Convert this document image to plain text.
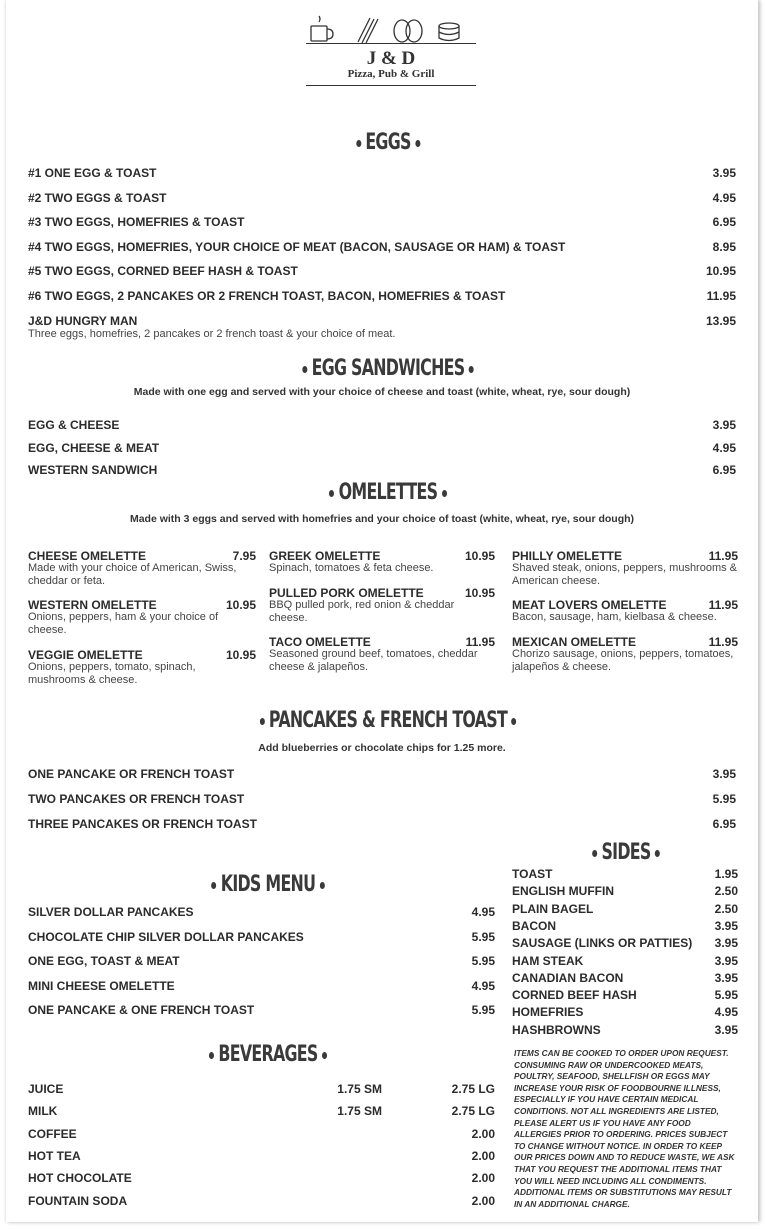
J & D
Pizza, Pub & Grill
EGGS
#1 ONE EGG & TOAST	3.95
#2 TWO EGGS & TOAST	4.95
#3 TWO EGGS, HOMEFRIES & TOAST	6.95
#4 TWO EGGS, HOMEFRIES, YOUR CHOICE OF MEAT (BACON, SAUSAGE OR HAM) & TOAST	8.95
#5 TWO EGGS, CORNED BEEF HASH & TOAST	10.95
#6 TWO EGGS, 2 PANCAKES OR 2 FRENCH TOAST, BACON, HOMEFRIES & TOAST	11.95
J&D HUNGRY MAN	13.95
Three eggs, homefries, 2 pancakes or 2 french toast & your choice of meat.
EGG SANDWICHES
Made with one egg and served with your choice of cheese and toast (white, wheat, rye, sour dough)
EGG & CHEESE	3.95
EGG, CHEESE & MEAT	4.95
WESTERN SANDWICH	6.95
OMELETTES
Made with 3 eggs and served with homefries and your choice of toast (white, wheat, rye, sour dough)
CHEESE OMELETTE	7.95
Made with your choice of American, Swiss, cheddar or feta.
WESTERN OMELETTE	10.95
Onions, peppers, ham & your choice of cheese.
VEGGIE OMELETTE	10.95
Onions, peppers, tomato, spinach, mushrooms & cheese.
GREEK OMELETTE	10.95
Spinach, tomatoes & feta cheese.
PULLED PORK OMELETTE	10.95
BBQ pulled pork, red onion & cheddar cheese.
TACO OMELETTE	11.95
Seasoned ground beef, tomatoes, cheddar cheese & jalapeños.
PHILLY OMELETTE	11.95
Shaved steak, onions, peppers, mushrooms & American cheese.
MEAT LOVERS OMELETTE	11.95
Bacon, sausage, ham, kielbasa & cheese.
MEXICAN OMELETTE	11.95
Chorizo sausage, onions, peppers, tomatoes, jalapeños & cheese.
PANCAKES & FRENCH TOAST
Add blueberries or chocolate chips for 1.25 more.
ONE PANCAKE OR FRENCH TOAST	3.95
TWO PANCAKES OR FRENCH TOAST	5.95
THREE PANCAKES OR FRENCH TOAST	6.95
KIDS MENU
SILVER DOLLAR PANCAKES	4.95
CHOCOLATE CHIP SILVER DOLLAR PANCAKES	5.95
ONE EGG, TOAST & MEAT	5.95
MINI CHEESE OMELETTE	4.95
ONE PANCAKE & ONE FRENCH TOAST	5.95
BEVERAGES
JUICE	1.75 SM	2.75 LG
MILK	1.75 SM	2.75 LG
COFFEE	2.00
HOT TEA	2.00
HOT CHOCOLATE	2.00
FOUNTAIN SODA	2.00
SIDES
TOAST	1.95
ENGLISH MUFFIN	2.50
PLAIN BAGEL	2.50
BACON	3.95
SAUSAGE (LINKS OR PATTIES) 3.95
HAM STEAK	3.95
CANADIAN BACON	3.95
CORNED BEEF HASH	5.95
HOMEFRIES	4.95
HASHBROWNS	3.95
ITEMS CAN BE COOKED TO ORDER UPON REQUEST. CONSUMING RAW OR UNDERCOOKED MEATS, POULTRY, SEAFOOD, SHELLFISH OR EGGS MAY INCREASE YOUR RISK OF FOODBOURNE ILLNESS, ESPECIALLY IF YOU HAVE CERTAIN MEDICAL CONDITIONS. NOT ALL INGREDIENTS ARE LISTED, PLEASE ALERT US IF YOU HAVE ANY FOOD ALLERGIES PRIOR TO ORDERING. PRICES SUBJECT TO CHANGE WITHOUT NOTICE. IN ORDER TO KEEP OUR PRICES DOWN AND TO REDUCE WASTE, WE ASK THAT YOU REQUEST THE ADDITIONAL ITEMS THAT YOU WILL NEED INCLUDING ALL CONDIMENTS. ADDITIONAL ITEMS OR SUBSTITUTIONS MAY RESULT IN AN ADDITIONAL CHARGE.
